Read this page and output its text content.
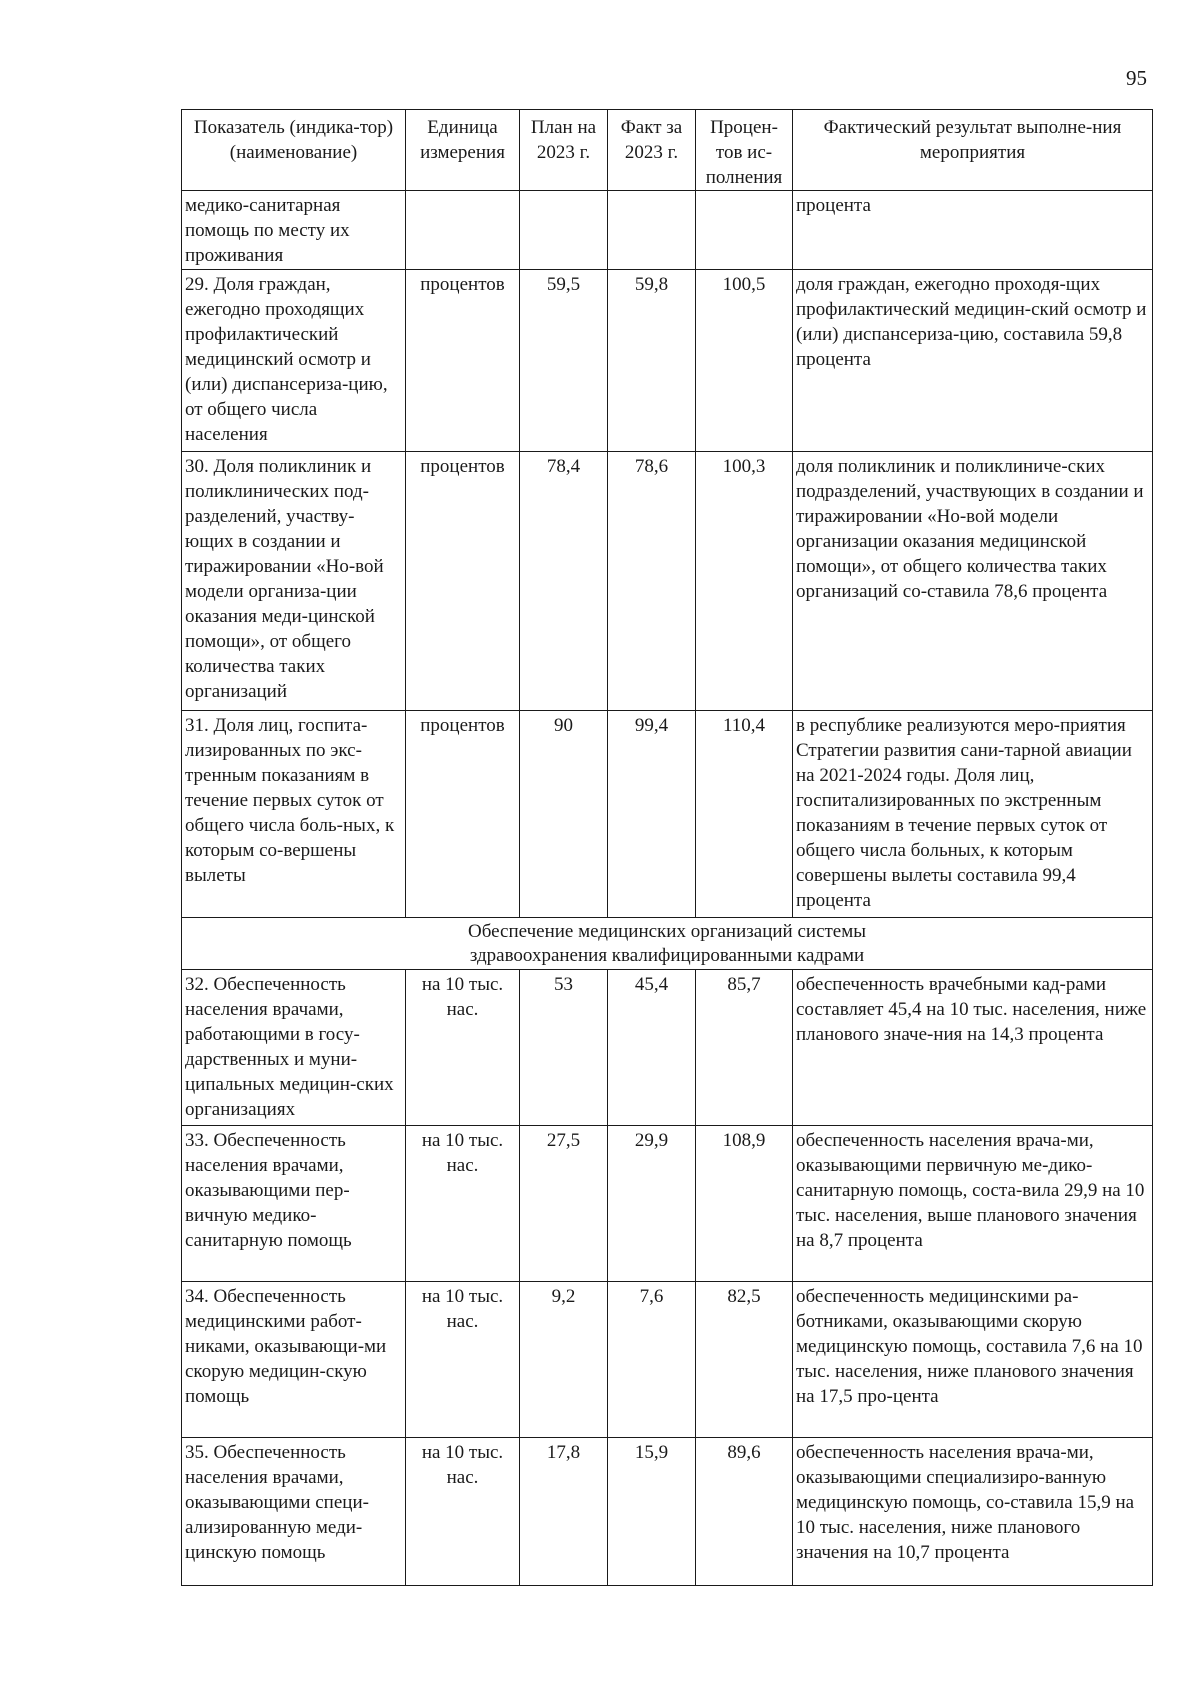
95
Показатель (индика-тор) (наименование)	Единица измерения	План на 2023 г.	Факт за 2023 г.	Процен-тов ис-полнения	Фактический результат выполне-ния мероприятия
медико-санитарная помощь по месту их проживания					процента
29. Доля граждан, ежегодно проходящих профилактический медицинский осмотр и (или) диспансериза-цию, от общего числа населения	процентов	59,5	59,8	100,5	доля граждан, ежегодно проходя-щих профилактический медицин-ский осмотр и (или) диспансериза-цию, составила 59,8 процента
30. Доля поликлиник и поликлинических под-разделений, участву-ющих в создании и тиражировании «Но-вой модели организа-ции оказания меди-цинской помощи», от общего количества таких организаций	процентов	78,4	78,6	100,3	доля поликлиник и поликлиниче-ских подразделений, участвующих в создании и тиражировании «Но-вой модели организации оказания медицинской помощи», от общего количества таких организаций со-ставила 78,6 процента
31. Доля лиц, госпита-лизированных по экс-тренным показаниям в течение первых суток от общего числа боль-ных, к которым со-вершены вылеты	процентов	90	99,4	110,4	в республике реализуются меро-приятия Стратегии развития сани-тарной авиации на 2021-2024 годы. Доля лиц, госпитализированных по экстренным показаниям в течение первых суток от общего числа больных, к которым совершены вылеты составила 99,4 процента

Обеспечение медицинских организаций системы
здравоохранения квалифицированными кадрами					

32. Обеспеченность населения врачами, работающими в госу-дарственных и муни-ципальных медицин-ских организациях	на 10 тыс. нас.	53	45,4	85,7	обеспеченность врачебными кад-рами составляет 45,4 на 10 тыс. населения, ниже планового значе-ния на 14,3 процента
33. Обеспеченность населения врачами, оказывающими пер-вичную медико-санитарную помощь	на 10 тыс. нас.	27,5	29,9	108,9	обеспеченность населения врача-ми, оказывающими первичную ме-дико-санитарную помощь, соста-вила 29,9 на 10 тыс. населения, выше планового значения на 8,7 процента
34. Обеспеченность медицинскими работ-никами, оказывающи-ми скорую медицин-скую помощь	на 10 тыс. нас.	9,2	7,6	82,5	обеспеченность медицинскими ра-ботниками, оказывающими скорую медицинскую помощь, составила 7,6 на 10 тыс. населения, ниже планового значения на 17,5 про-цента
35. Обеспеченность населения врачами, оказывающими специ-ализированную меди-цинскую помощь	на 10 тыс. нас.	17,8	15,9	89,6	обеспеченность населения врача-ми, оказывающими специализиро-ванную медицинскую помощь, со-ставила 15,9 на 10 тыс. населения, ниже планового значения на 10,7 процента
